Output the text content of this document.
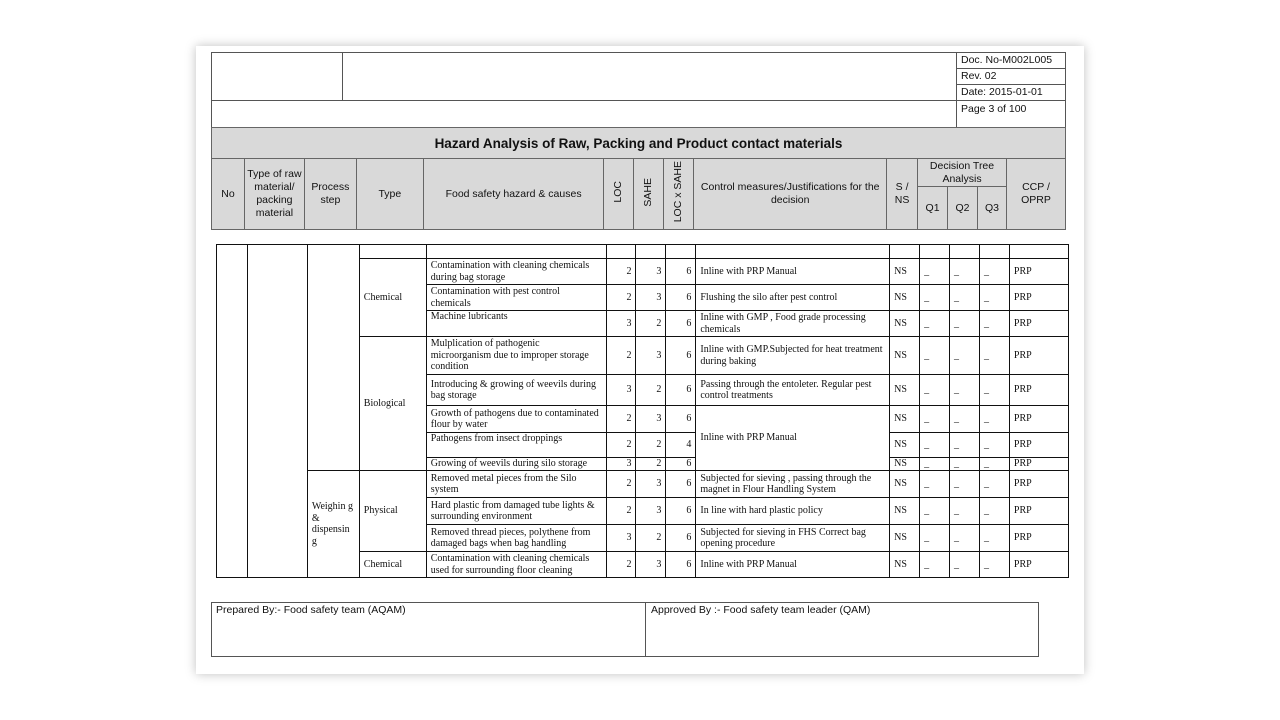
Doc. No-M002L005
Rev. 02
Date: 2015-01-01
Page 3 of 100
Hazard Analysis of Raw, Packing and Product contact materials													
No	Type of raw material/ packing material	Process step	Type	Food safety hazard & causes	LOC	SAHE	LOC x SAHE	Control measures/Justifications for the decision	S / NS	Decision Tree Analysis			CCP / OPRP
										Q1	Q2	Q3	

			Chemical	Contamination with cleaning chemicals during bag storage	2	3	6	Inline with PRP Manual	NS	_	_	_	PRP
				Contamination with pest control chemicals	2	3	6	Flushing the silo after pest control	NS	_	_	_	PRP
				Machine lubricants	3	2	6	Inline with GMP , Food grade processing chemicals	NS	_	_	_	PRP
			Biological	Mulplication of pathogenic microorganism due to improper storage condition	2	3	6	Inline with GMP.Subjected for heat treatment during baking	NS	_	_	_	PRP
				Introducing & growing of weevils during bag storage	3	2	6	Passing through the entoleter. Regular pest control treatments	NS	_	_	_	PRP
				Growth of pathogens due to contaminated flour by water	2	3	6	Inline with PRP Manual	NS	_	_	_	PRP
				Pathogens from insect droppings	2	2	4		NS	_	_	_	PRP
				Growing of weevils during silo storage	3	2	6		NS	_	_	_	PRP
		Weighin g & dispensin g	Physical	Removed metal pieces from the Silo system	2	3	6	Subjected for sieving , passing through the magnet in Flour Handling System	NS	_	_	_	PRP
				Hard plastic from damaged tube lights & surrounding environment	2	3	6	In line with hard plastic policy	NS	_	_	_	PRP
				Removed thread pieces, polythene from damaged bags when bag handling	3	2	6	Subjected for sieving in FHS Correct bag opening procedure	NS	_	_	_	PRP
			Chemical	Contamination with cleaning chemicals used for surrounding floor cleaning	2	3	6	Inline with PRP Manual	NS	_	_	_	PRP
Prepared By:- Food safety team (AQAM)	Approved By :- Food safety team leader (QAM)
